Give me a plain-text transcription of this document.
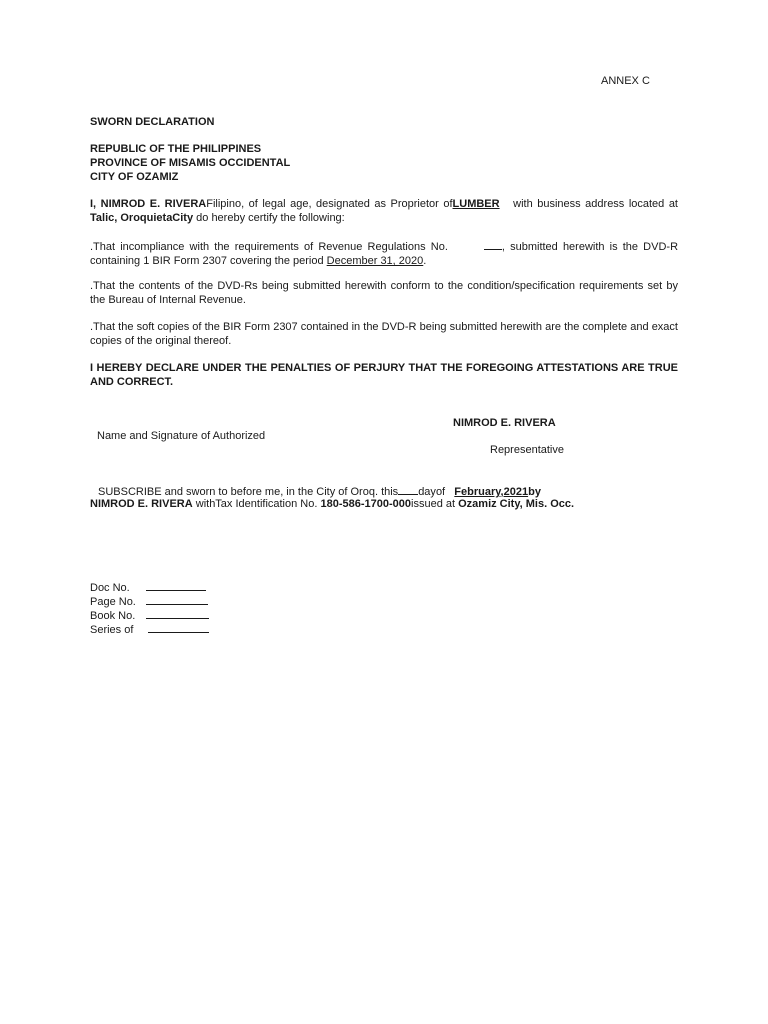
ANNEX C
SWORN DECLARATION
REPUBLIC OF THE PHILIPPINES
PROVINCE OF MISAMIS OCCIDENTAL
CITY OF OZAMIZ
I, NIMROD E. RIVERAFilipino, of legal age, designated as Proprietor ofLUMBER   with business address located at Talic, OroquietaCity do hereby certify the following:
.That incompliance with the requirements of Revenue Regulations No.	, submitted herewith is the DVD-R containing 1 BIR Form 2307 covering the period December 31, 2020.
.That the contents of the DVD-Rs being submitted herewith conform to the condition/specification requirements set by the Bureau of Internal Revenue.
.That the soft copies of the BIR Form 2307 contained in the DVD-R being submitted herewith are the complete and exact copies of the original thereof.
I HEREBY DECLARE UNDER THE PENALTIES OF PERJURY THAT THE FOREGOING ATTESTATIONS ARE TRUE AND CORRECT.
NIMROD E. RIVERA
Name and Signature of Authorized
Representative
SUBSCRIBE and sworn to before me, in the City of Oroq. this dayof   February,2021by
NIMROD E. RIVERA withTax Identification No. 180-586-1700-000issued at Ozamiz City, Mis. Occ.
Doc No.
Page No.
Book No.
Series of
